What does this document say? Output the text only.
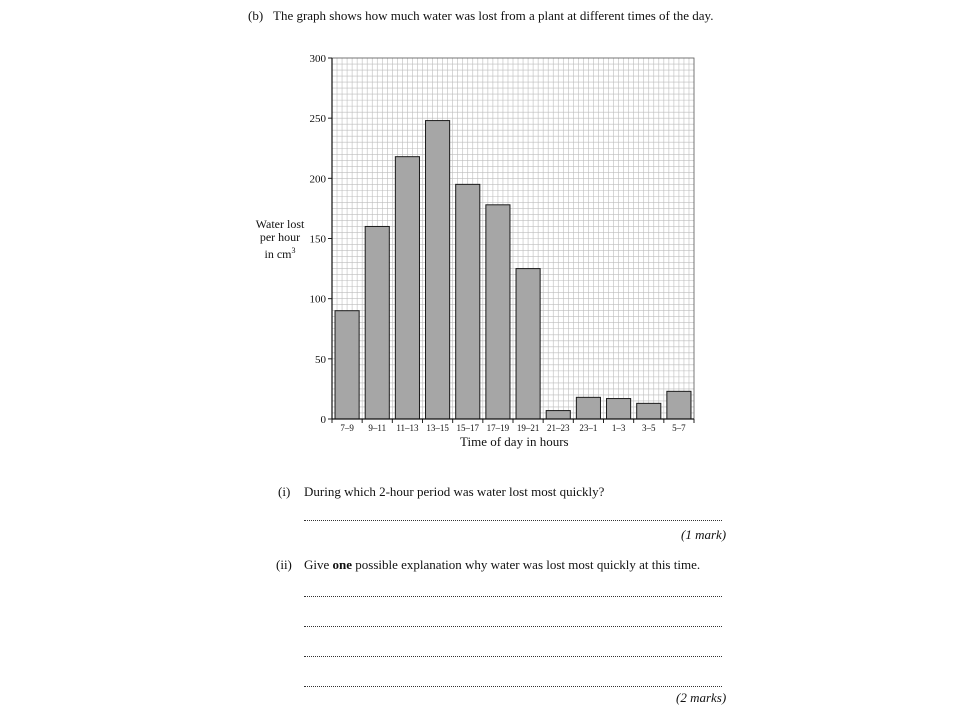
(b) The graph shows how much water was lost from a plant at different times of the day.
0
50
100
150
200
250
300
7–9 9–11 11–13 13–15 15–17 17–19 19–21 21–23 23–1 1–3 3–5 5–7
Water lost
per hour
in $cm^3$
Time of day in hours
(i) During which 2-hour period was water lost most quickly?
(1 mark)
(ii) Give one possible explanation why water was lost most quickly at this time.
(2 marks)
